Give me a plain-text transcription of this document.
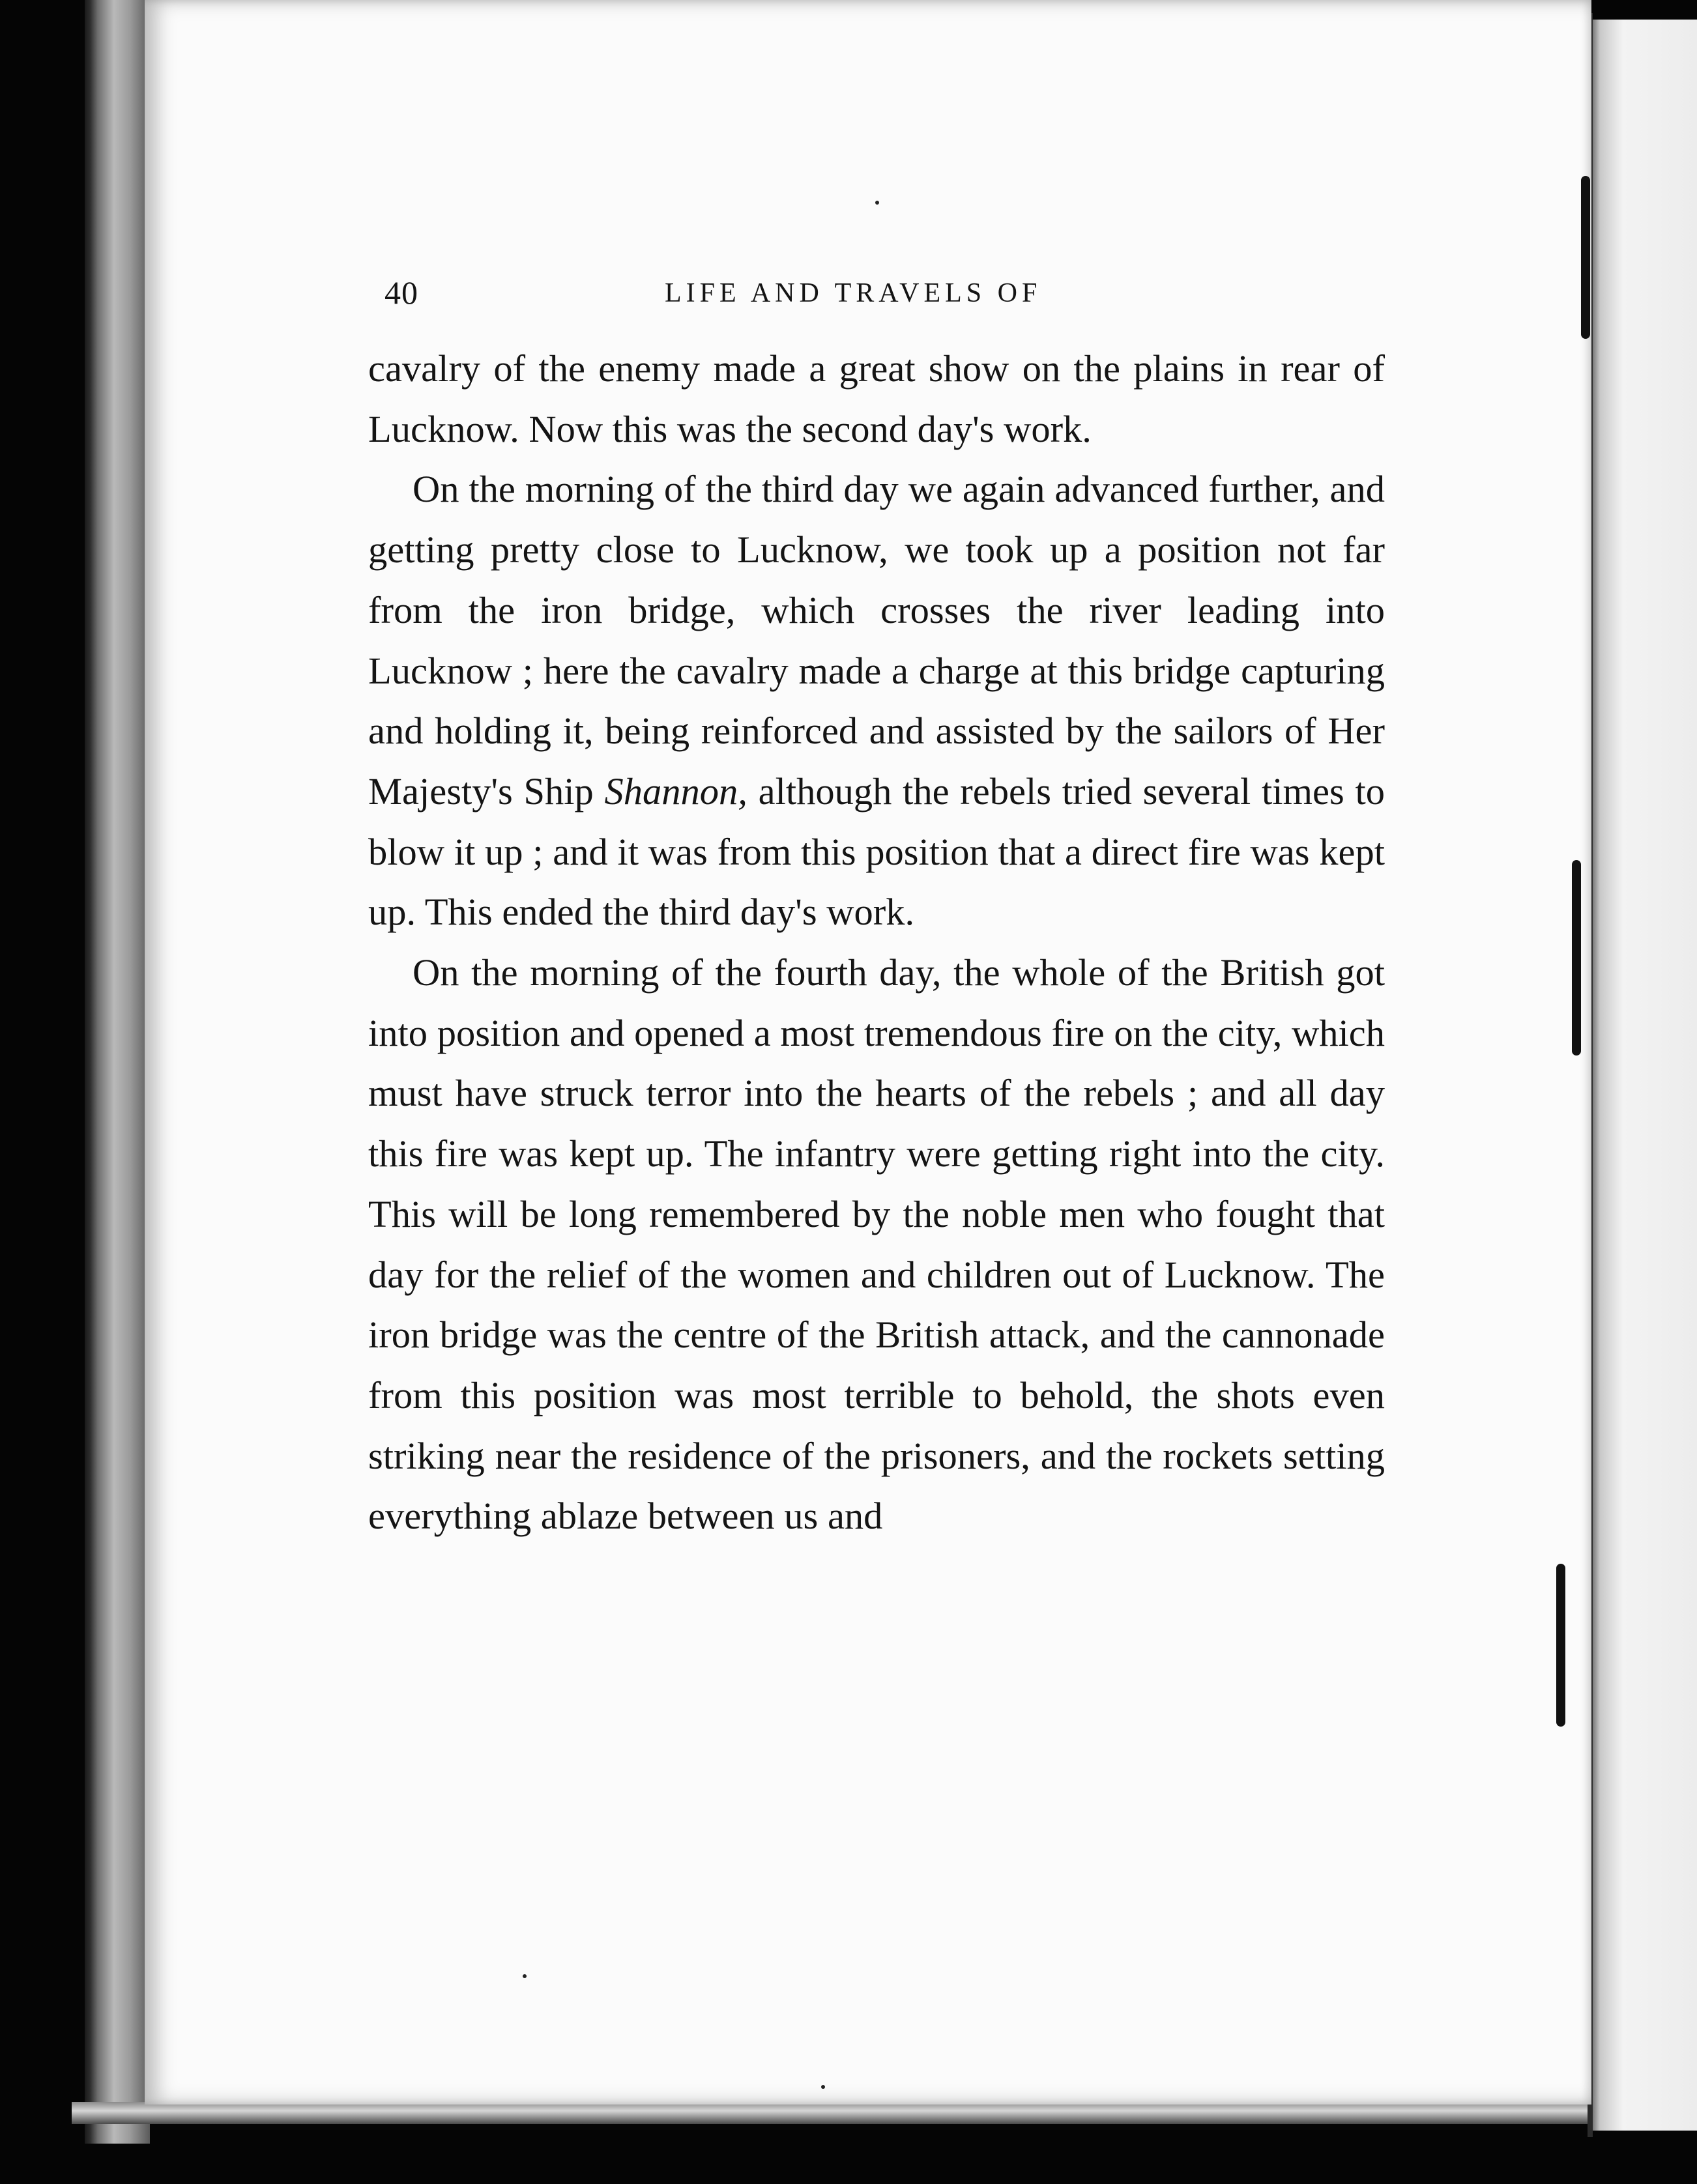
40	LIFE AND TRAVELS OF

cavalry of the enemy made a great show on the plains in rear of Lucknow. Now this was the second day's work.

On the morning of the third day we again advanced further, and getting pretty close to Lucknow, we took up a position not far from the iron bridge, which crosses the river leading into Lucknow ; here the cavalry made a charge at this bridge capturing and holding it, being reinforced and assisted by the sailors of Her Majesty's Ship Shannon, although the rebels tried several times to blow it up ; and it was from this position that a direct fire was kept up. This ended the third day's work.

On the morning of the fourth day, the whole of the British got into position and opened a most tremendous fire on the city, which must have struck terror into the hearts of the rebels ; and all day this fire was kept up. The infantry were getting right into the city. This will be long remembered by the noble men who fought that day for the relief of the women and children out of Lucknow. The iron bridge was the centre of the British attack, and the cannonade from this position was most terrible to behold, the shots even striking near the residence of the prisoners, and the rockets setting everything ablaze between us and
